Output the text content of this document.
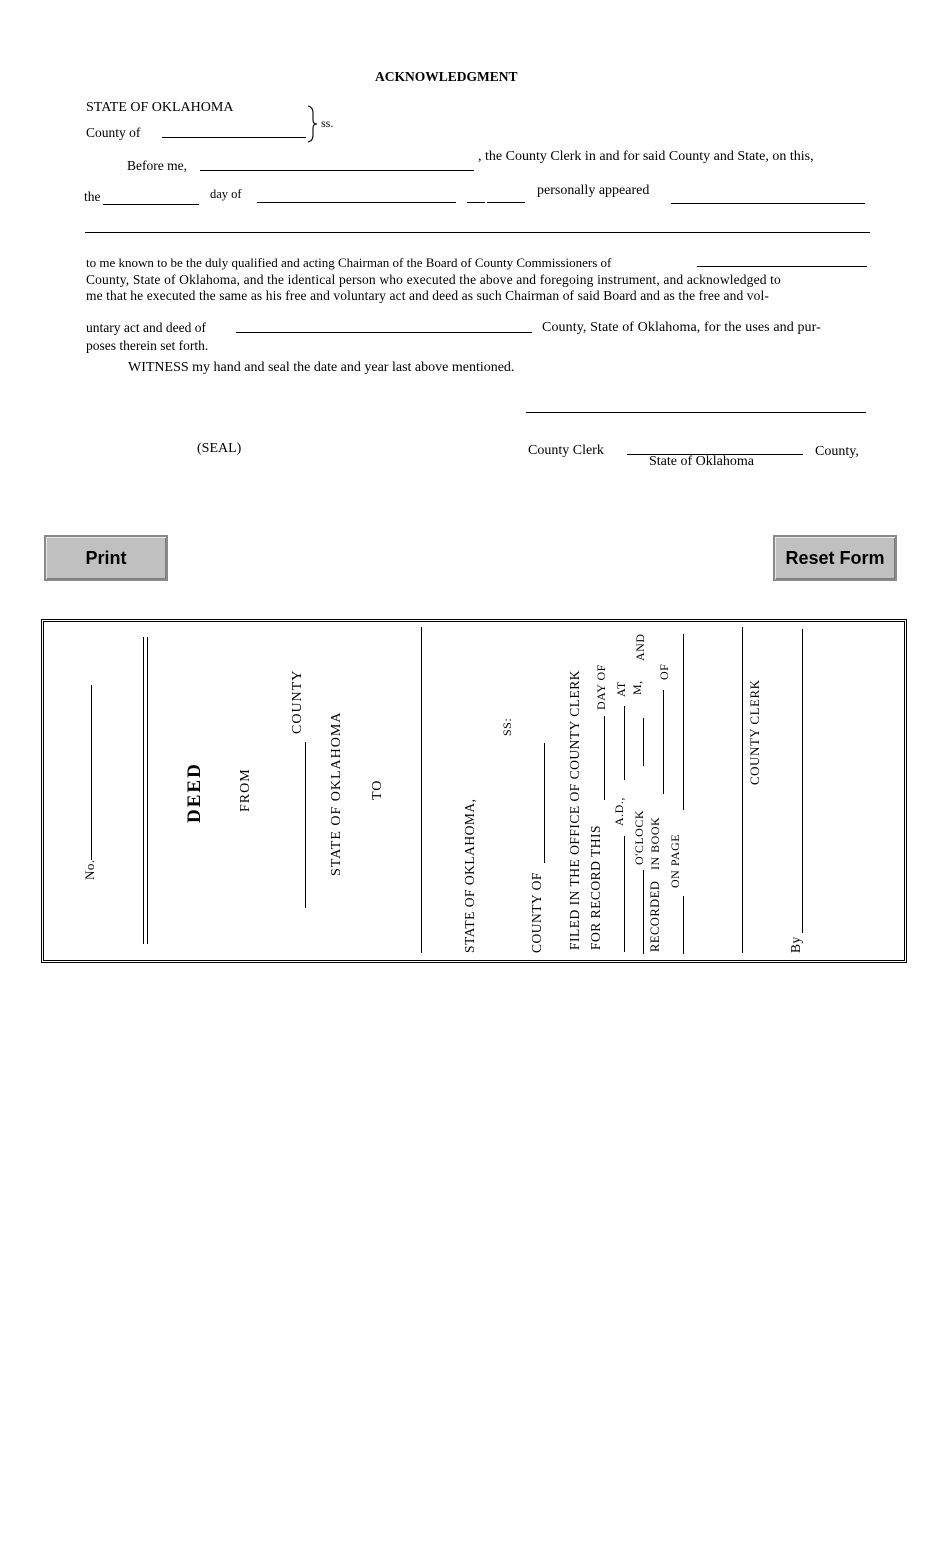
ACKNOWLEDGMENT
STATE OF OKLAHOMA
County of
ss.
Before me,
, the County Clerk in and for said County and State, on this,
the	day of	personally appeared
to me known to be the duly qualified and acting Chairman of the Board of County Commissioners of
County, State of Oklahoma, and the identical person who executed the above and foregoing instrument, and acknowledged to
me that he executed the same as his free and voluntary act and deed as such Chairman of said Board and as the free and vol-
untary act and deed of	County, State of Oklahoma, for the uses and pur-
poses therein set forth.
WITNESS my hand and seal the date and year last above mentioned.
(SEAL)	County Clerk	County,
State of Oklahoma
Print	Reset Form
No.
DEED FROM
COUNTY
STATE OF OKLAHOMA TO
STATE OF OKLAHOMA,
SS:
COUNTY OF FILED IN THE OFFICE OF COUNTY CLERK FOR RECORD THIS
DAY OF
A.D.,
AT M,
AND
O'CLOCK
RECORDED
IN BOOK
OF
ON PAGE
COUNTY CLERK
By
